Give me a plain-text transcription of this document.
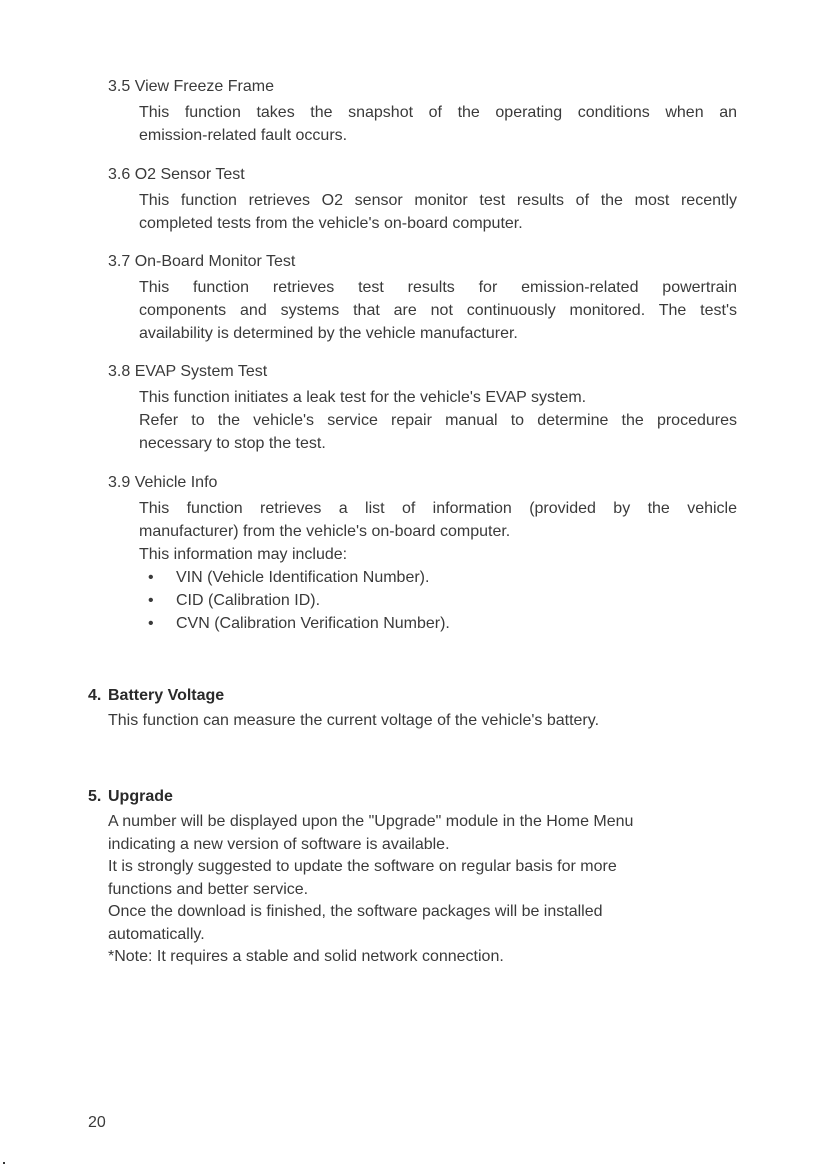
3.5 View Freeze Frame
This function takes the snapshot of the operating conditions when an
emission-related fault occurs.
3.6 O2 Sensor Test
This function retrieves O2 sensor monitor test results of the most recently
completed tests from the vehicle's on-board computer.
3.7 On-Board Monitor Test
This function retrieves test results for emission-related powertrain
components and systems that are not continuously monitored. The test's
availability is determined by the vehicle manufacturer.
3.8 EVAP System Test
This function initiates a leak test for the vehicle's EVAP system.
Refer to the vehicle's service repair manual to determine the procedures
necessary to stop the test.
3.9 Vehicle Info
This function retrieves a list of information (provided by the vehicle
manufacturer) from the vehicle's on-board computer.
This information may include:
• VIN (Vehicle Identification Number).
• CID (Calibration ID).
• CVN (Calibration Verification Number).
4. Battery Voltage
This function can measure the current voltage of the vehicle's battery.
5. Upgrade
A number will be displayed upon the "Upgrade" module in the Home Menu
indicating a new version of software is available.
It is strongly suggested to update the software on regular basis for more
functions and better service.
Once the download is finished, the software packages will be installed
automatically.
*Note: It requires a stable and solid network connection.
20
